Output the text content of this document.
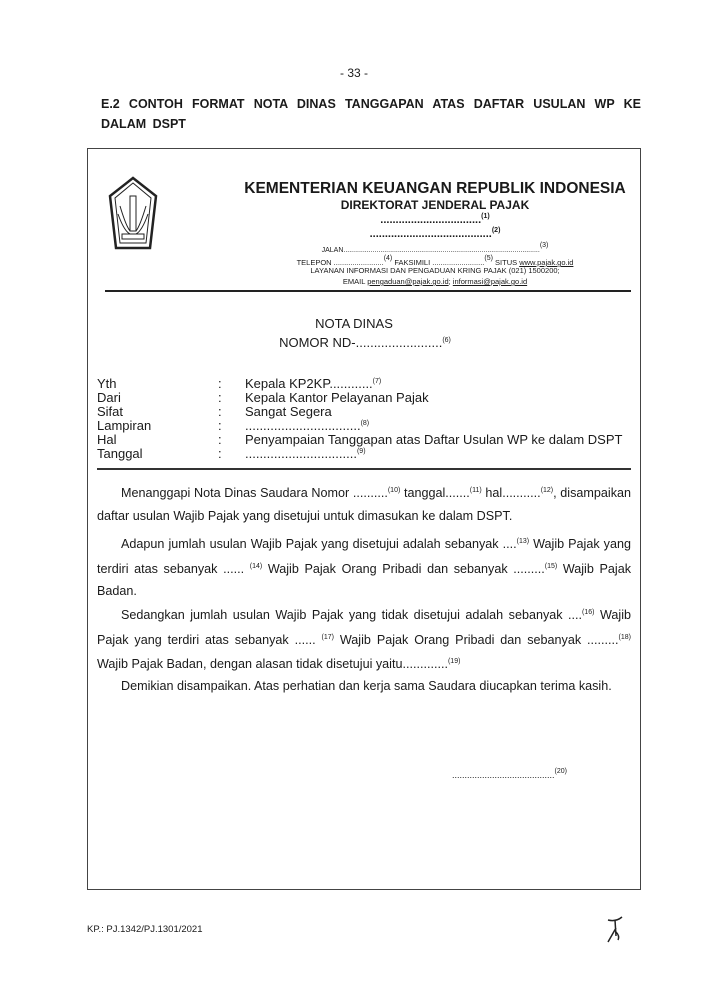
- 33 -
E.2 CONTOH FORMAT NOTA DINAS TANGGAPAN ATAS DAFTAR USULAN WP KE DALAM DSPT
KEMENTERIAN KEUANGAN REPUBLIK INDONESIA
DIREKTORAT JENDERAL PAJAK
.................................$^{(1)}$
........................................$^{(2)}$
JALAN.....................................................................................................$^{(3)}$
TELEPON ........................$^{(4)}$ FAKSIMILI .........................$^{(5)}$ SITUS www.pajak.go.id
LAYANAN INFORMASI DAN PENGADUAN KRING PAJAK (021) 1500200;
EMAIL pengaduan@pajak.go.id; informasi@pajak.go.id
NOTA DINAS
NOMOR ND-........................$^{(6)}$
Yth
Dari
Sifat
Lampiran
Hal
Tanggal
:
:
:
:
:
:
Kepala KP2KP............$^{(7)}$
Kepala Kantor Pelayanan Pajak
Sangat Segera
................................$^{(8)}$
Penyampaian Tanggapan atas Daftar Usulan WP ke dalam DSPT
...............................$^{(9)}$
Menanggapi Nota Dinas Saudara Nomor ..........$^{(10)}$ tanggal.......$^{(11)}$ hal...........$^{(12)}$, disampaikan daftar usulan Wajib Pajak yang disetujui untuk dimasukan ke dalam DSPT.
Adapun jumlah usulan Wajib Pajak yang disetujui adalah sebanyak ....$^{(13)}$ Wajib Pajak yang terdiri atas sebanyak ...... $^{(14)}$ Wajib Pajak Orang Pribadi dan sebanyak .........$^{(15)}$ Wajib Pajak Badan.
Sedangkan jumlah usulan Wajib Pajak yang tidak disetujui adalah sebanyak ....$^{(16)}$ Wajib Pajak yang terdiri atas sebanyak ...... $^{(17)}$ Wajib Pajak Orang Pribadi dan sebanyak .........$^{(18)}$ Wajib Pajak Badan, dengan alasan tidak disetujui yaitu.............$^{(19)}$
Demikian disampaikan. Atas perhatian dan kerja sama Saudara diucapkan terima kasih.
.........................................$^{(20)}$
KP.: PJ.1342/PJ.1301/2021
